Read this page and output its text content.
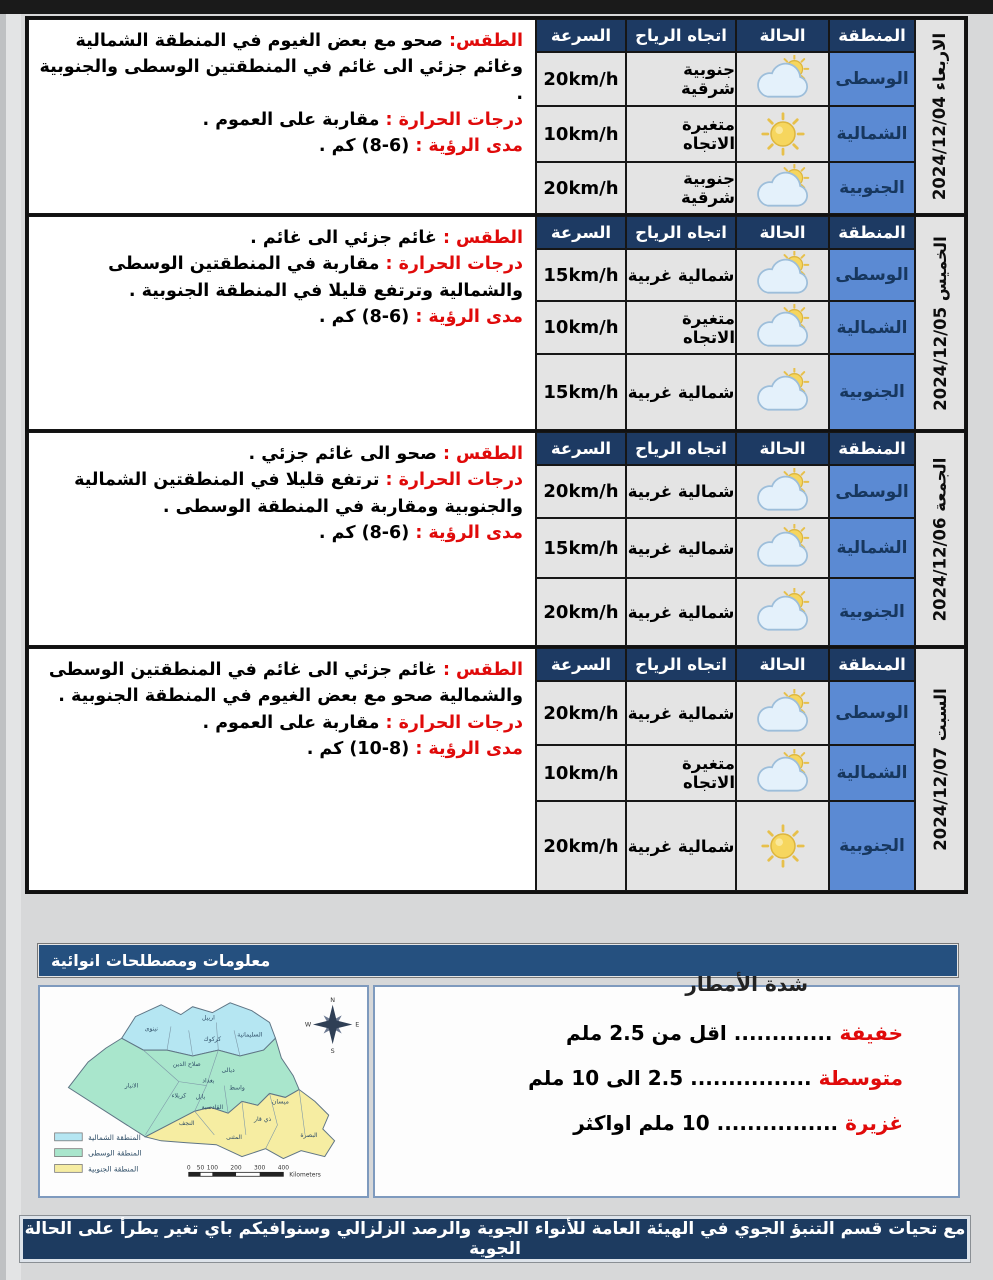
الاربعاء 2024/12/04
المنطقة
الحالة
اتجاه الرياح
السرعة
الطقس: صحو مع بعض الغيوم في المنطقة الشمالية وغائم جزئي الى غائم في المنطقتين الوسطى والجنوبية .
درجات الحرارة : مقاربة على العموم .
مدى الرؤية : ‭(8-6)‬ كم .
الوسطى
جنوبية شرقية
20km/h
الشمالية
متغيرة الاتجاه
10km/h
الجنوبية
جنوبية شرقية
20km/h
الخميس 2024/12/05
المنطقة
الحالة
اتجاه الرياح
السرعة
الطقس : غائم جزئي الى غائم .
درجات الحرارة : مقاربة في المنطقتين الوسطى والشمالية وترتفع قليلا في المنطقة الجنوبية .
مدى الرؤية : ‭(8-6)‬ كم .
الوسطى
شمالية غربية
15km/h
الشمالية
متغيرة الاتجاه
10km/h
الجنوبية
شمالية غربية
15km/h
الجمعة 2024/12/06
المنطقة
الحالة
اتجاه الرياح
السرعة
الطقس : صحو الى غائم جزئي .
درجات الحرارة : ترتفع قليلا في المنطقتين الشمالية والجنوبية ومقاربة في المنطقة الوسطى .
مدى الرؤية : ‭(8-6)‬ كم .
الوسطى
شمالية غربية
20km/h
الشمالية
شمالية غربية
15km/h
الجنوبية
شمالية غربية
20km/h
السبت 2024/12/07
المنطقة
الحالة
اتجاه الرياح
السرعة
الطقس : غائم جزئي الى غائم في المنطقتين الوسطى والشمالية صحو مع بعض الغيوم في المنطقة الجنوبية .
درجات الحرارة : مقاربة على العموم .
مدى الرؤية : ‭(10-8)‬ كم .
الوسطى
شمالية غربية
20km/h
الشمالية
متغيرة الاتجاه
10km/h
الجنوبية
شمالية غربية
20km/h
معلومات ومصطلحات انوائية
نينوى
اربيل
السليمانية
كركوك
صلاح الدين
ديالى
الانبار
بغداد
كربلاء بابل
واسط
النجف
القادسية
ذي قار
ميسان
المثنى	البصرة
N
E
S
W
المنطقة الشمالية
المنطقة الوسطى
المنطقة الجنوبية	0 50 100 200 300 400
Kilometers
شدة الأمطار
خفيفة ............. اقل من 2.5 ملم
متوسطة ................ 2.5 الى 10 ملم
غزيرة ................ 10 ملم اواكثر
مع تحيات قسم التنبؤ الجوي في الهيئة العامة للأنواء الجوية والرصد الزلزالي وسنوافيكم باي تغير يطرأ على الحالة الجوية
